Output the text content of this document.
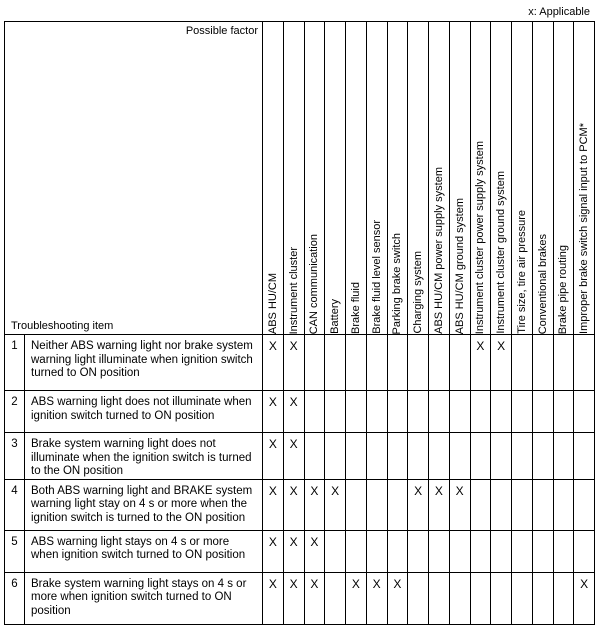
x: Applicable
Possible factor
Troubleshooting item		ABS HU/CM	Instrument cluster	CAN communication	Battery	Brake fluid	Brake fluid level sensor	Parking brake switch	Charging system	ABS HU/CM power supply system	ABS HU/CM ground system	Instrument cluster power supply system	Instrument cluster ground system	Tire size, tire air pressure	Conventional brakes	Brake pipe routing	Improper brake switch signal input to PCM*

1	Neither ABS warning light nor brake system warning light illuminate when ignition switch turned to ON position	X	X									X	X				
2	ABS warning light does not illuminate when ignition switch turned to ON position	X	X														
3	Brake system warning light does not illuminate when the ignition switch is turned to the ON position	X	X														
4	Both ABS warning light and BRAKE system warning light stay on 4 s or more when the ignition switch is turned to the ON position	X	X	X	X				X	X	X						
5	ABS warning light stays on 4 s or more when ignition switch turned to ON position	X	X	X													
6	Brake system warning light stays on 4 s or more when ignition switch turned to ON position	X	X	X		X	X	X									X
